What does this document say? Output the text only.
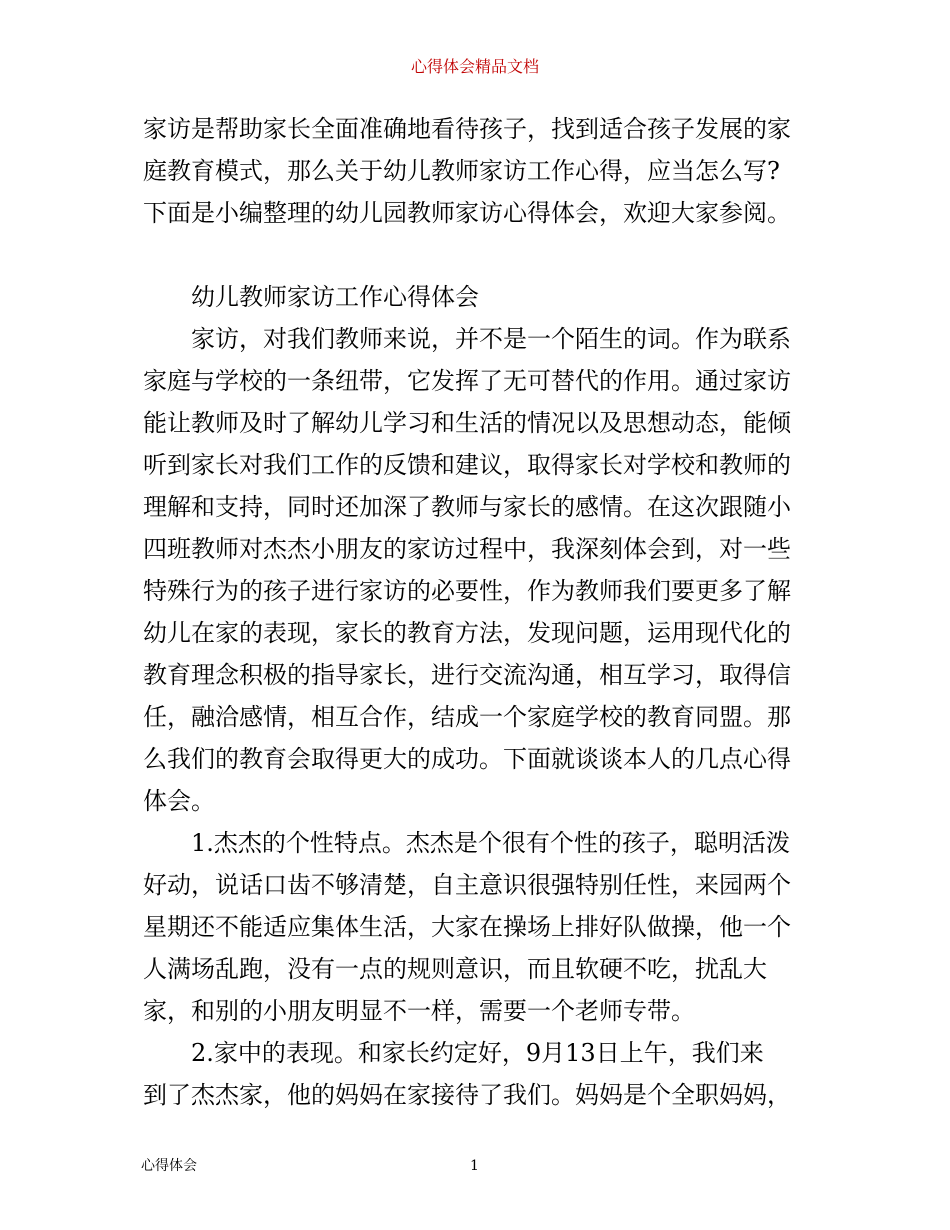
心得体会精品文档
家访是帮助家长全面准确地看待孩子，找到适合孩子发展的家
庭教育模式，那么关于幼儿教师家访工作心得，应当怎么写?
下面是小编整理的幼儿园教师家访心得体会，欢迎大家参阅。
　　幼儿教师家访工作心得体会
　　家访，对我们教师来说，并不是一个陌生的词。作为联系
家庭与学校的一条纽带，它发挥了无可替代的作用。通过家访
能让教师及时了解幼儿学习和生活的情况以及思想动态，能倾
听到家长对我们工作的反馈和建议，取得家长对学校和教师的
理解和支持，同时还加深了教师与家长的感情。在这次跟随小
四班教师对杰杰小朋友的家访过程中，我深刻体会到，对一些
特殊行为的孩子进行家访的必要性，作为教师我们要更多了解
幼儿在家的表现，家长的教育方法，发现问题，运用现代化的
教育理念积极的指导家长，进行交流沟通，相互学习，取得信
任，融洽感情，相互合作，结成一个家庭学校的教育同盟。那
么我们的教育会取得更大的成功。下面就谈谈本人的几点心得
体会。
　　1.杰杰的个性特点。杰杰是个很有个性的孩子，聪明活泼
好动，说话口齿不够清楚，自主意识很强特别任性，来园两个
星期还不能适应集体生活，大家在操场上排好队做操，他一个
人满场乱跑，没有一点的规则意识，而且软硬不吃，扰乱大
家，和别的小朋友明显不一样，需要一个老师专带。
　　2.家中的表现。和家长约定好，9月13日上午，我们来
到了杰杰家，他的妈妈在家接待了我们。妈妈是个全职妈妈，
心得体会	1
